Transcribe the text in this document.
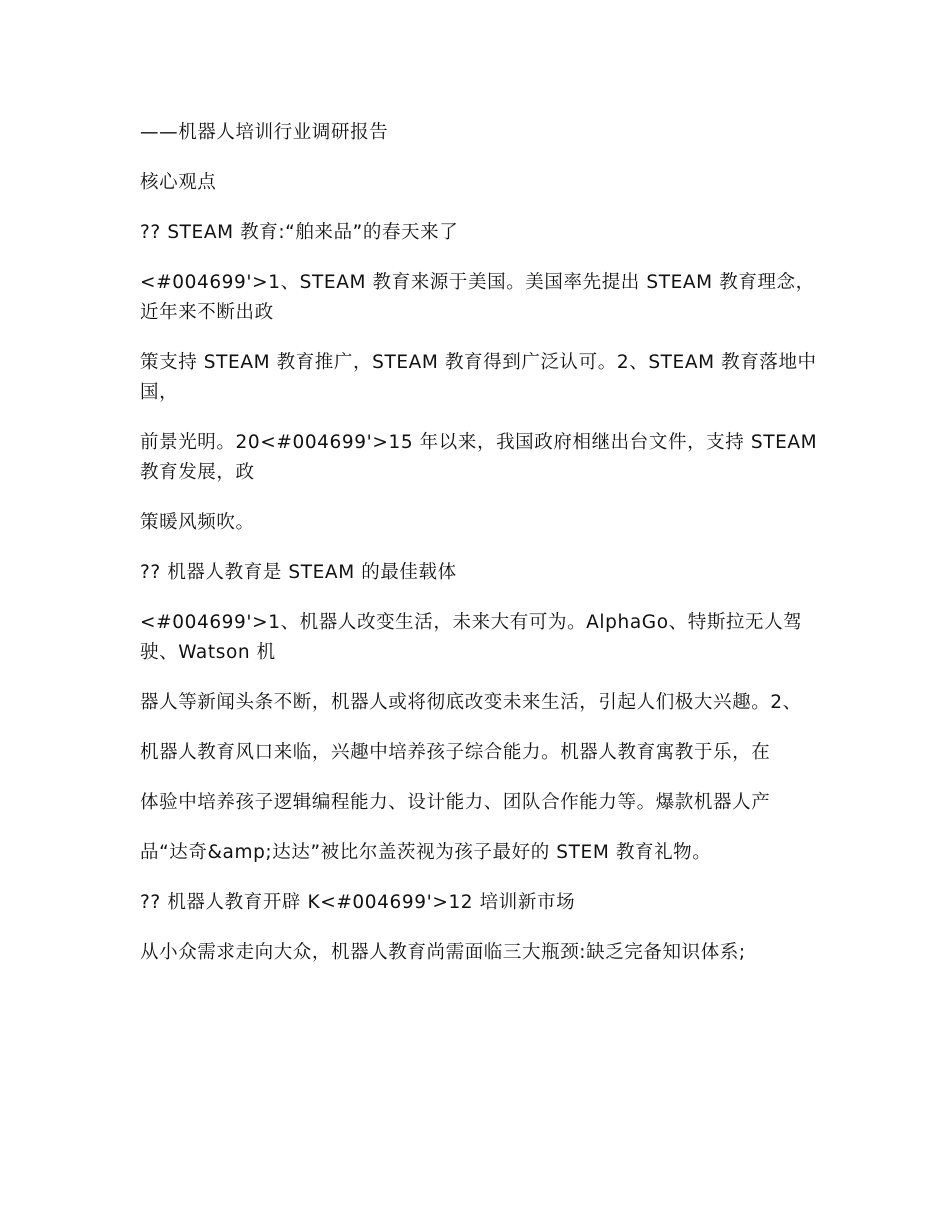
——机器人培训行业调研报告

核心观点

?? STEAM 教育:“舶来品”的春天来了

<#004699'>1、STEAM 教育来源于美国。美国率先提出 STEAM 教育理念，近年来不断出政

策支持 STEAM 教育推广，STEAM 教育得到广泛认可。2、STEAM 教育落地中国，

前景光明。20<#004699'>15 年以来，我国政府相继出台文件，支持 STEAM 教育发展，政

策暖风频吹。

?? 机器人教育是 STEAM 的最佳载体

<#004699'>1、机器人改变生活，未来大有可为。AlphaGo、特斯拉无人驾驶、Watson 机

器人等新闻头条不断，机器人或将彻底改变未来生活，引起人们极大兴趣。2、

机器人教育风口来临，兴趣中培养孩子综合能力。机器人教育寓教于乐，在

体验中培养孩子逻辑编程能力、设计能力、团队合作能力等。爆款机器人产

品“达奇&amp;达达”被比尔盖茨视为孩子最好的 STEM 教育礼物。

?? 机器人教育开辟 K<#004699'>12 培训新市场

从小众需求走向大众，机器人教育尚需面临三大瓶颈:缺乏完备知识体系;
